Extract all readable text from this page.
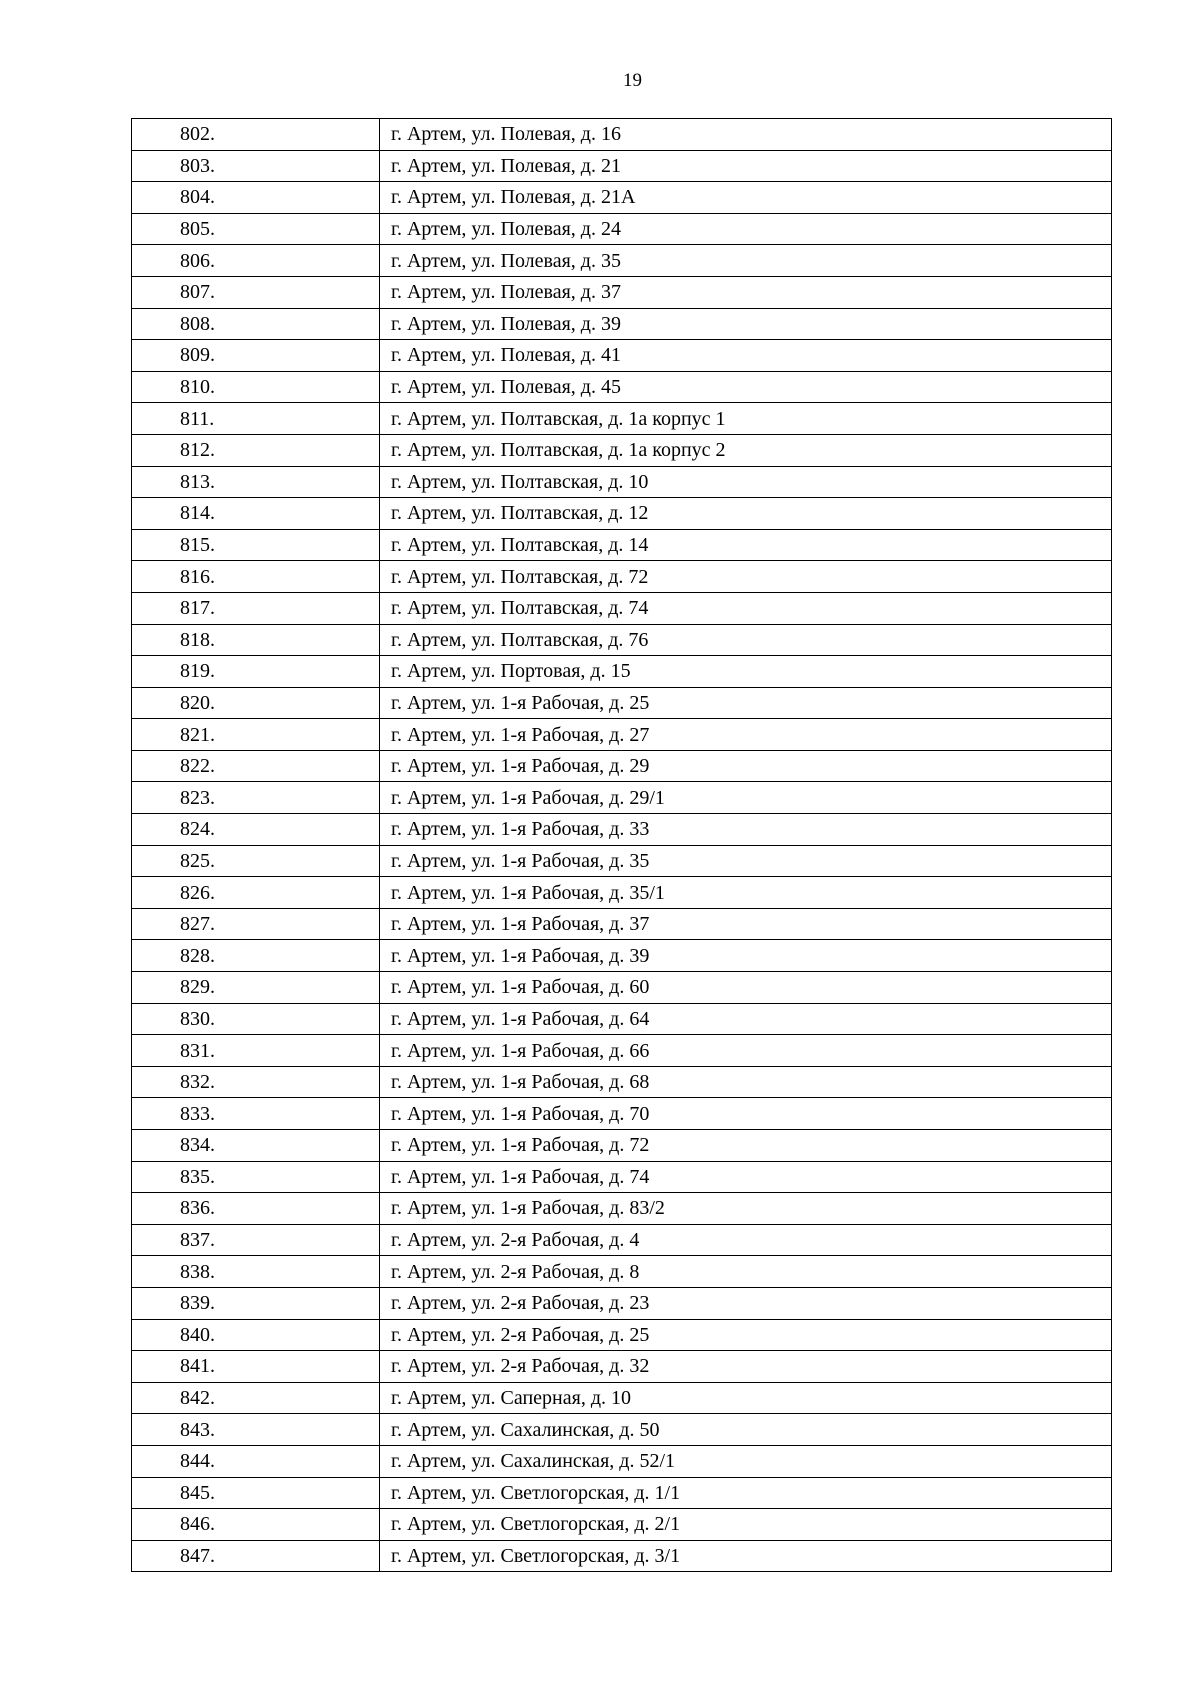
19
802.	г. Артем, ул. Полевая, д. 16
803.	г. Артем, ул. Полевая, д. 21
804.	г. Артем, ул. Полевая, д. 21А
805.	г. Артем, ул. Полевая, д. 24
806.	г. Артем, ул. Полевая, д. 35
807.	г. Артем, ул. Полевая, д. 37
808.	г. Артем, ул. Полевая, д. 39
809.	г. Артем, ул. Полевая, д. 41
810.	г. Артем, ул. Полевая, д. 45
811.	г. Артем, ул. Полтавская, д. 1а корпус 1
812.	г. Артем, ул. Полтавская, д. 1а корпус 2
813.	г. Артем, ул. Полтавская, д. 10
814.	г. Артем, ул. Полтавская, д. 12
815.	г. Артем, ул. Полтавская, д. 14
816.	г. Артем, ул. Полтавская, д. 72
817.	г. Артем, ул. Полтавская, д. 74
818.	г. Артем, ул. Полтавская, д. 76
819.	г. Артем, ул. Портовая, д. 15
820.	г. Артем, ул. 1-я Рабочая, д. 25
821.	г. Артем, ул. 1-я Рабочая, д. 27
822.	г. Артем, ул. 1-я Рабочая, д. 29
823.	г. Артем, ул. 1-я Рабочая, д. 29/1
824.	г. Артем, ул. 1-я Рабочая, д. 33
825.	г. Артем, ул. 1-я Рабочая, д. 35
826.	г. Артем, ул. 1-я Рабочая, д. 35/1
827.	г. Артем, ул. 1-я Рабочая, д. 37
828.	г. Артем, ул. 1-я Рабочая, д. 39
829.	г. Артем, ул. 1-я Рабочая, д. 60
830.	г. Артем, ул. 1-я Рабочая, д. 64
831.	г. Артем, ул. 1-я Рабочая, д. 66
832.	г. Артем, ул. 1-я Рабочая, д. 68
833.	г. Артем, ул. 1-я Рабочая, д. 70
834.	г. Артем, ул. 1-я Рабочая, д. 72
835.	г. Артем, ул. 1-я Рабочая, д. 74
836.	г. Артем, ул. 1-я Рабочая, д. 83/2
837.	г. Артем, ул. 2-я Рабочая, д. 4
838.	г. Артем, ул. 2-я Рабочая, д. 8
839.	г. Артем, ул. 2-я Рабочая, д. 23
840.	г. Артем, ул. 2-я Рабочая, д. 25
841.	г. Артем, ул. 2-я Рабочая, д. 32
842.	г. Артем, ул. Саперная, д. 10
843.	г. Артем, ул. Сахалинская, д. 50
844.	г. Артем, ул. Сахалинская, д. 52/1
845.	г. Артем, ул. Светлогорская, д. 1/1
846.	г. Артем, ул. Светлогорская, д. 2/1
847.	г. Артем, ул. Светлогорская, д. 3/1
